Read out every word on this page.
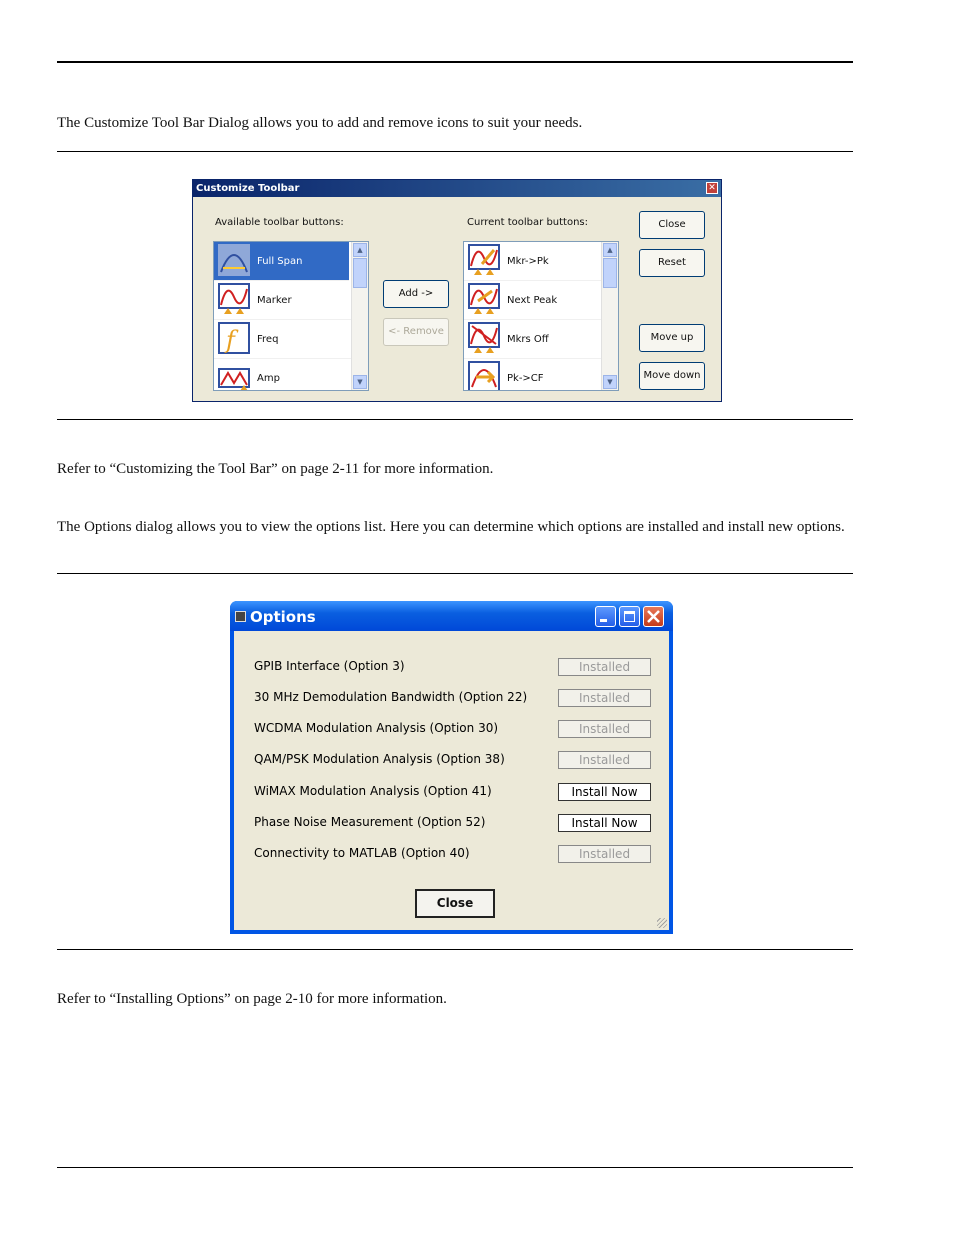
The Customize Tool Bar Dialog allows you to add and remove icons to suit your needs.
Customize Toolbar	✕
Available toolbar buttons:	Current toolbar buttons:
Full Span
Marker
f	Freq
Amp
▲
▼
Add ->
<- Remove
Mkr->Pk
Next Peak
Mkrs Off
Pk->CF
▲
▼
Close
Reset
Move up
Move down
Refer to “Customizing the Tool Bar” on page 2-11 for more information.
The Options dialog allows you to view the options list. Here you can determine which options are installed and install new options.
Options
GPIB Interface (Option 3)	Installed
30 MHz Demodulation Bandwidth (Option 22)	Installed
WCDMA Modulation Analysis (Option 30)	Installed
QAM/PSK Modulation Analysis (Option 38)	Installed
WiMAX Modulation Analysis (Option 41)	Install Now
Phase Noise Measurement (Option 52)	Install Now
Connectivity to MATLAB (Option 40)	Installed
Close
Refer to “Installing Options” on page 2-10 for more information.
